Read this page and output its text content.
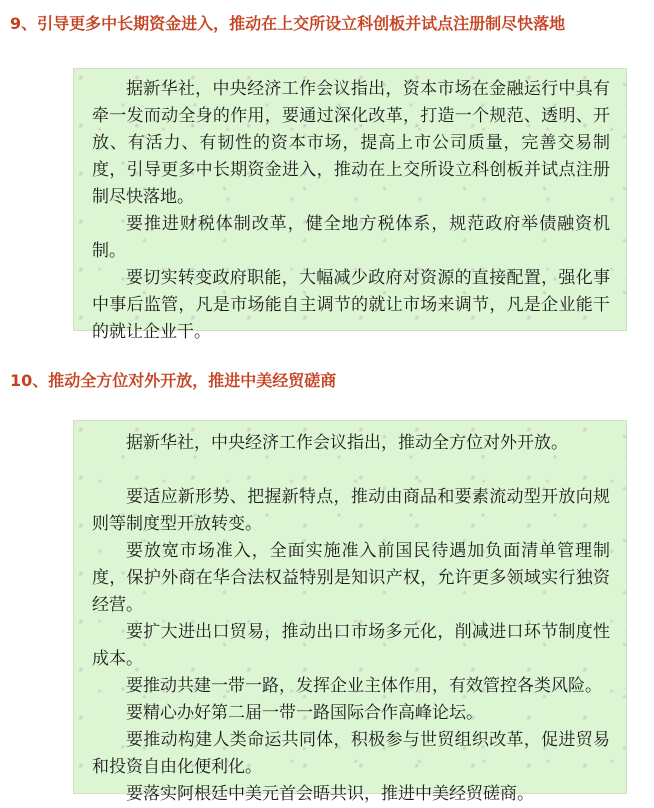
9、引导更多中长期资金进入，推动在上交所设立科创板并试点注册制尽快落地

据新华社，中央经济工作会议指出，资本市场在金融运行中具有牵一发而动全身的作用，要通过深化改革，打造一个规范、透明、开放、有活力、有韧性的资本市场，提高上市公司质量，完善交易制度，引导更多中长期资金进入，推动在上交所设立科创板并试点注册制尽快落地。

要推进财税体制改革，健全地方税体系，规范政府举债融资机制。

要切实转变政府职能，大幅减少政府对资源的直接配置，强化事中事后监管，凡是市场能自主调节的就让市场来调节，凡是企业能干的就让企业干。

10、推动全方位对外开放，推进中美经贸磋商

据新华社，中央经济工作会议指出，推动全方位对外开放。

要适应新形势、把握新特点，推动由商品和要素流动型开放向规则等制度型开放转变。

要放宽市场准入，全面实施准入前国民待遇加负面清单管理制度，保护外商在华合法权益特别是知识产权，允许更多领域实行独资经营。

要扩大进出口贸易，推动出口市场多元化，削减进口环节制度性成本。

要推动共建一带一路，发挥企业主体作用，有效管控各类风险。

要精心办好第二届一带一路国际合作高峰论坛。

要推动构建人类命运共同体，积极参与世贸组织改革，促进贸易和投资自由化便利化。

要落实阿根廷中美元首会晤共识，推进中美经贸磋商。
